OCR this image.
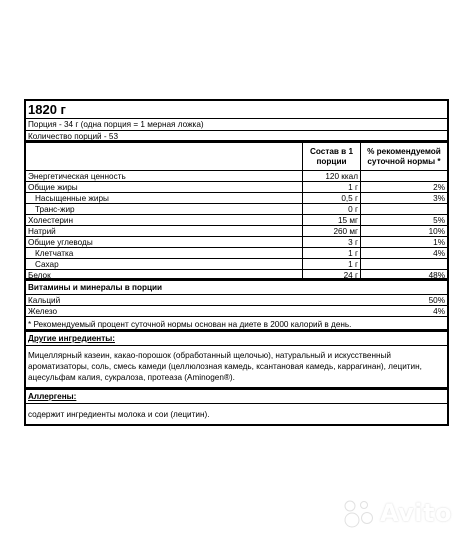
1820 г
Порция - 34 г (одна порция = 1 мерная ложка)
Количество порций - 53
Состав в 1 порции
% рекомендуемой суточной нормы *
Энергетическая ценность	120 ккал
Общие жиры	1 г	2%
Насыщенные жиры	0,5 г	3%
Транс-жир	0 г
Холестерин	15 мг	5%
Натрий	260 мг	10%
Общие углеводы	3 г	1%
Клетчатка	1 г	4%
Сахар	1 г
Белок	24 г	48%
Витамины и минералы в порции
Кальций	50%
Железо	4%
* Рекомендуемый процент суточной нормы основан на диете в 2000 калорий в день.
Другие ингредиенты:
Мицеллярный казеин, какао-порошок (обработанный щелочью), натуральный и искусственный ароматизаторы, соль, смесь камеди (целлюлозная камедь, ксантановая камедь, каррагинан), лецитин, ацесульфам калия, сукралоза, протеаза (Aminogen®).
Аллергены:
содержит ингредиенты молока и сои (лецитин).
Avito
